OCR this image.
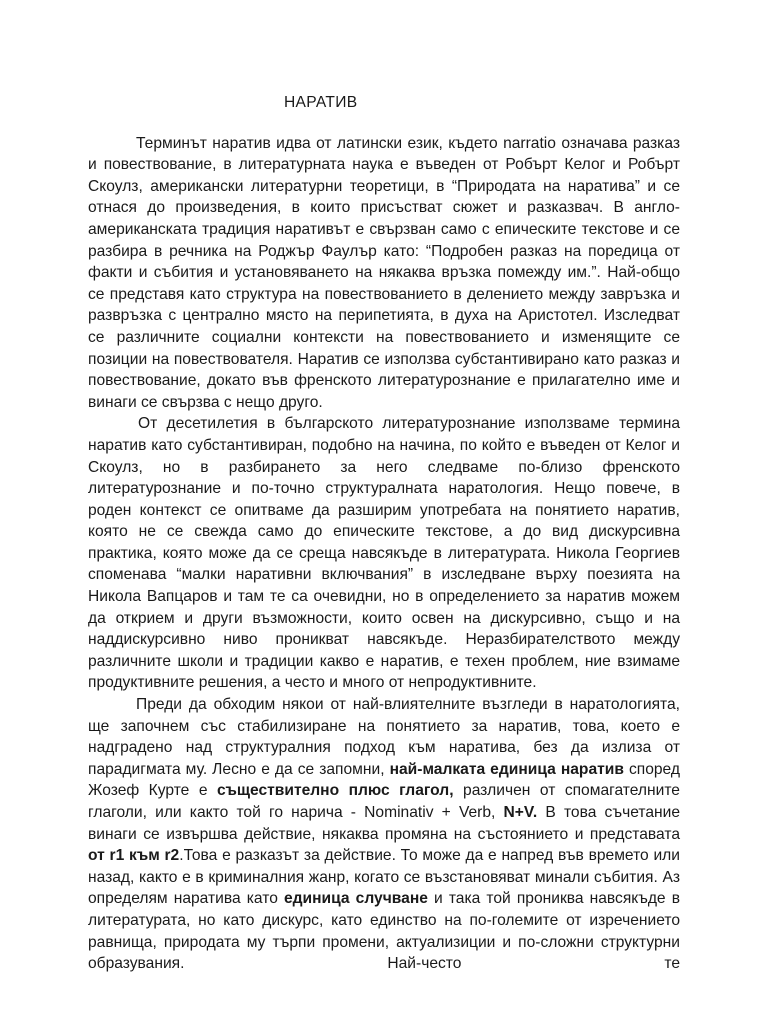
НАРАТИВ

Терминът наратив идва от латински език, където narratio означава разказ и повествование, в литературната наука е въведен от Робърт Келог и Робърт Скоулз, американски литературни теоретици, в “Природата на наратива” и се отнася до произведения, в които присъстват сюжет и разказвач. В англо-американската традиция наративът е свързван само с епическите текстове и се разбира в речника на Роджър Фаулър като: “Подробен разказ на поредица от факти и събития и установяването на някаква връзка помежду им.”. Най-общо се представя като структура на повествованието в делението между завръзка и развръзка с централно място на перипетията, в духа на Аристотел. Изследват се различните социални контексти на повествованието и изменящите се позиции на повествователя. Наратив се използва субстантивирано като разказ и повествование, докато във френското литературознание е прилагателно име и винаги се свързва с нещо друго.

От десетилетия в българското литературознание използваме термина наратив като субстантивиран, подобно на начина, по който е въведен от Келог и Скоулз, но в разбирането за него следваме по-близо френското литературознание и по-точно структуралната наратология. Нещо повече, в роден контекст се опитваме да разширим употребата на понятието наратив, която не се свежда само до епическите текстове, а до вид дискурсивна практика, която може да се среща навсякъде в литературата. Никола Георгиев споменава “малки наративни включвания” в изследване върху поезията на Никола Вапцаров и там те са очевидни, но в определението за наратив можем да открием и други възможности, които освен на дискурсивно, също и на наддискурсивно ниво проникват навсякъде. Неразбирателството между различните школи и традиции какво е наратив, е техен проблем, ние взимаме продуктивните решения, а често и много от непродуктивните.

Преди да обходим някои от най-влиятелните възгледи в наратологията, ще започнем със стабилизиране на понятието за наратив, това, което е надградено над структуралния подход към наратива, без да излиза от парадигмата му. Лесно е да се запомни, най-малката единица наратив според Жозеф Курте е съществително плюс глагол, различен от спомагателните глаголи, или както той го нарича - Nominativ + Verb, N+V. В това съчетание винаги се извършва действие, някаква промяна на състоянието и представата от r1 към r2.Това е разказът за действие. То може да е напред във времето или назад, както е в криминалния жанр, когато се възстановяват минали събития. Аз определям наратива като единица случване и така той прониква навсякъде в литературата, но като дискурс, като единство на по-големите от изречението равнища, природата му търпи промени, актуализиции и по-сложни структурни образувания. Най-често те
